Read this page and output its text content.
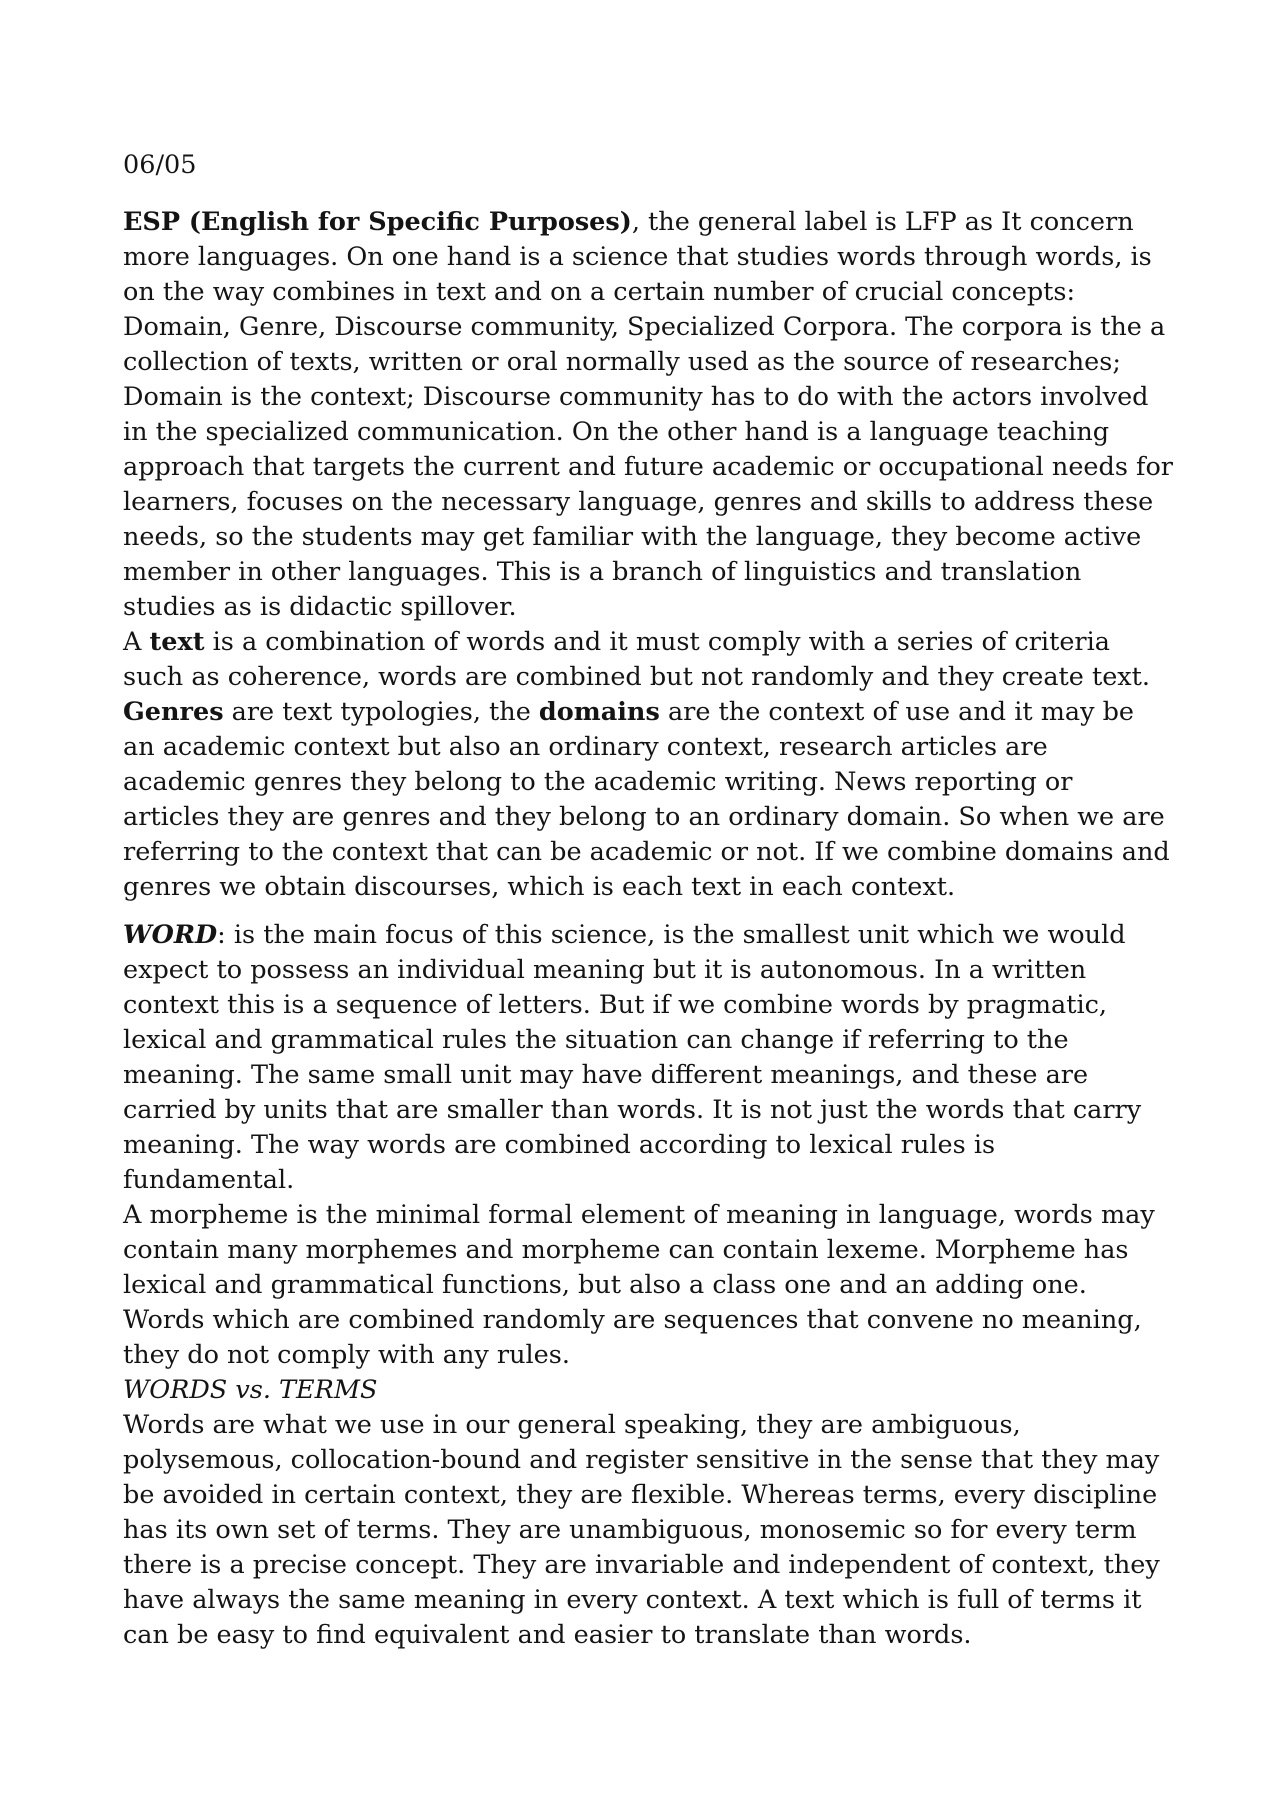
06/05

ESP (English for Specific Purposes), the general label is LFP as It concern more languages. On one hand is a science that studies words through words, is on the way combines in text and on a certain number of crucial concepts: Domain, Genre, Discourse community, Specialized Corpora. The corpora is the a collection of texts, written or oral normally used as the source of researches; Domain is the context; Discourse community has to do with the actors involved in the specialized communication. On the other hand is a language teaching approach that targets the current and future academic or occupational needs for learners, focuses on the necessary language, genres and skills to address these needs, so the students may get familiar with the language, they become active member in other languages. This is a branch of linguistics and translation studies as is didactic spillover.

A text is a combination of words and it must comply with a series of criteria such as coherence, words are combined but not randomly and they create text. Genres are text typologies, the domains are the context of use and it may be an academic context but also an ordinary context, research articles are academic genres they belong to the academic writing. News reporting or articles they are genres and they belong to an ordinary domain. So when we are referring to the context that can be academic or not. If we combine domains and genres we obtain discourses, which is each text in each context.

WORD: is the main focus of this science, is the smallest unit which we would expect to possess an individual meaning but it is autonomous. In a written context this is a sequence of letters. But if we combine words by pragmatic, lexical and grammatical rules the situation can change if referring to the meaning. The same small unit may have different meanings, and these are carried by units that are smaller than words. It is not just the words that carry meaning. The way words are combined according to lexical rules is fundamental.

A morpheme is the minimal formal element of meaning in language, words may contain many morphemes and morpheme can contain lexeme. Morpheme has lexical and grammatical functions, but also a class one and an adding one. Words which are combined randomly are sequences that convene no meaning, they do not comply with any rules.

WORDS vs. TERMS

Words are what we use in our general speaking, they are ambiguous, polysemous, collocation-bound and register sensitive in the sense that they may be avoided in certain context, they are flexible. Whereas terms, every discipline has its own set of terms. They are unambiguous, monosemic so for every term there is a precise concept. They are invariable and independent of context, they have always the same meaning in every context. A text which is full of terms it can be easy to find equivalent and easier to translate than words.
